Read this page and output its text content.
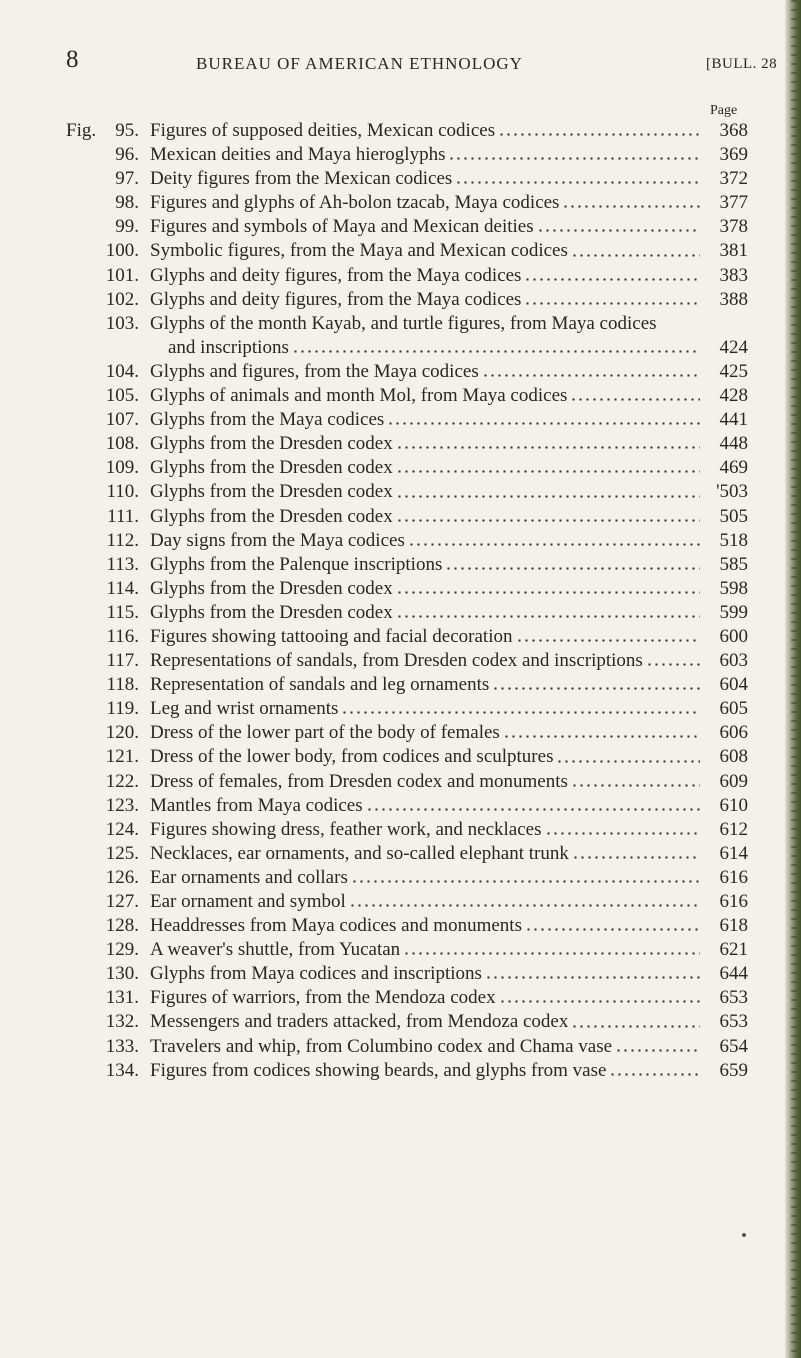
8	BUREAU OF AMERICAN ETHNOLOGY	[BULL. 28
Page
Fig.	95. Figures of supposed deities, Mexican codices	368
96. Mexican deities and Maya hieroglyphs	369
97. Deity figures from the Mexican codices	372
98. Figures and glyphs of Ah-bolon tzacab, Maya codices	377
99. Figures and symbols of Maya and Mexican deities	378
100. Symbolic figures, from the Maya and Mexican codices	381
101. Glyphs and deity figures, from the Maya codices	383
102. Glyphs and deity figures, from the Maya codices	388
103. Glyphs of the month Kayab, and turtle figures, from Maya codices
and inscriptions	424
104. Glyphs and figures, from the Maya codices	425
105. Glyphs of animals and month Mol, from Maya codices	428
107. Glyphs from the Maya codices	441
108. Glyphs from the Dresden codex	448
109. Glyphs from the Dresden codex	469
110. Glyphs from the Dresden codex	'503
111. Glyphs from the Dresden codex	505
112. Day signs from the Maya codices	518
113. Glyphs from the Palenque inscriptions	585
114. Glyphs from the Dresden codex	598
115. Glyphs from the Dresden codex	599
116. Figures showing tattooing and facial decoration	600
117. Representations of sandals, from Dresden codex and inscriptions	603
118. Representation of sandals and leg ornaments	604
119. Leg and wrist ornaments	605
120. Dress of the lower part of the body of females	606
121. Dress of the lower body, from codices and sculptures	608
122. Dress of females, from Dresden codex and monuments	609
123. Mantles from Maya codices	610
124. Figures showing dress, feather work, and necklaces	612
125. Necklaces, ear ornaments, and so-called elephant trunk	614
126. Ear ornaments and collars	616
127. Ear ornament and symbol	616
128. Headdresses from Maya codices and monuments	618
129. A weaver's shuttle, from Yucatan	621
130. Glyphs from Maya codices and inscriptions	644
131. Figures of warriors, from the Mendoza codex	653
132. Messengers and traders attacked, from Mendoza codex	653
133. Travelers and whip, from Columbino codex and Chama vase	654
134. Figures from codices showing beards, and glyphs from vase	659
